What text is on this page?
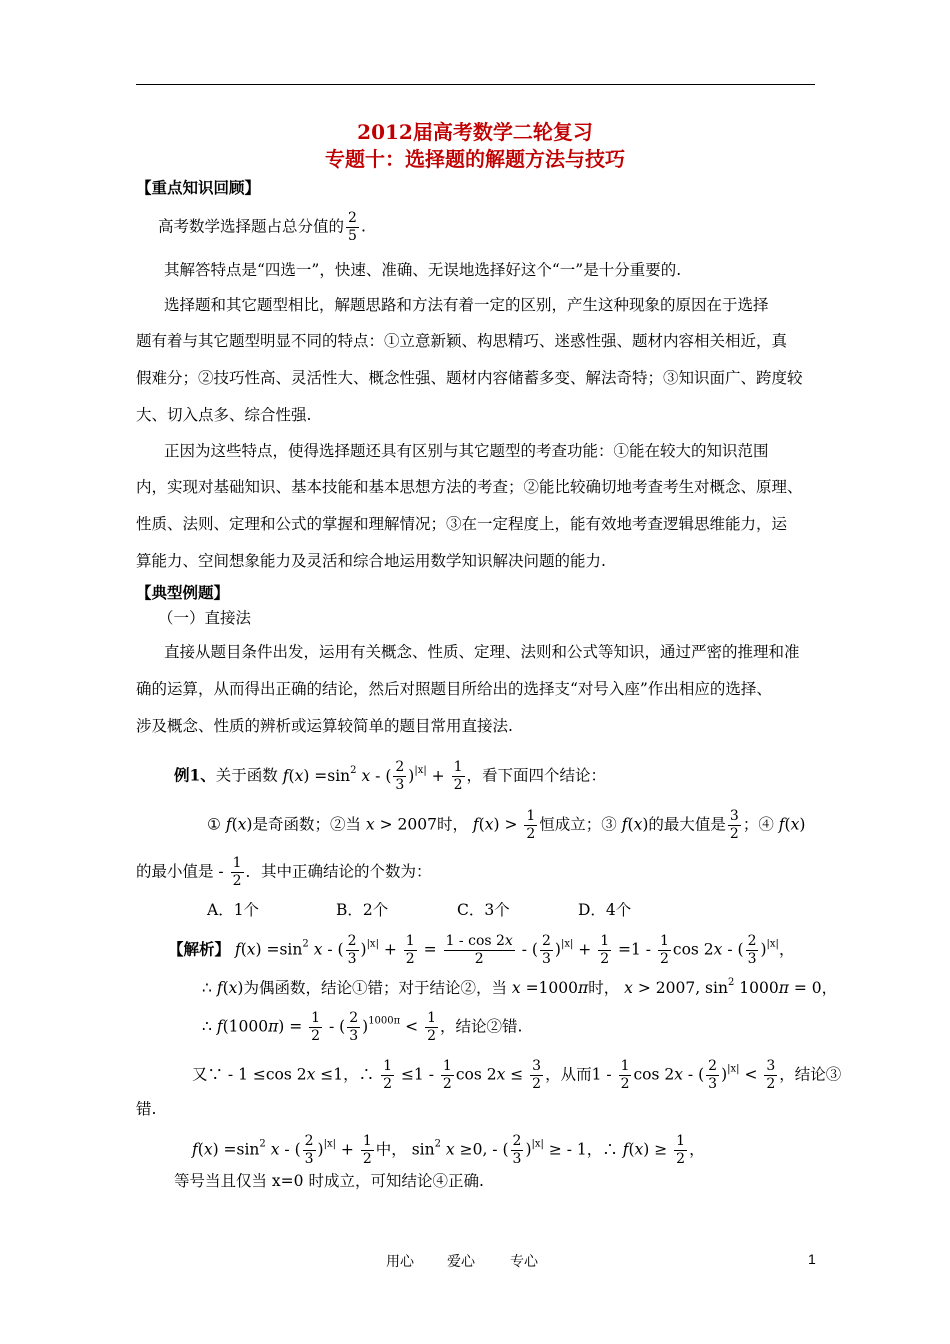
2012届高考数学二轮复习
专题十：选择题的解题方法与技巧
【重点知识回顾】
高考数学选择题占总分值的 $\frac{2}{5}$ .
其解答特点是“四选一”，快速、准确、无误地选择好这个“一”是十分重要的.
选择题和其它题型相比，解题思路和方法有着一定的区别，产生这种现象的原因在于选择
题有着与其它题型明显不同的特点：①立意新颖、构思精巧、迷惑性强、题材内容相关相近，真
假难分；②技巧性高、灵活性大、概念性强、题材内容储蓄多变、解法奇特；③知识面广、跨度较
大、切入点多、综合性强.
正因为这些特点，使得选择题还具有区别与其它题型的考查功能：①能在较大的知识范围
内，实现对基础知识、基本技能和基本思想方法的考查；②能比较确切地考查考生对概念、原理、
性质、法则、定理和公式的掌握和理解情况；③在一定程度上，能有效地考查逻辑思维能力，运
算能力、空间想象能力及灵活和综合地运用数学知识解决问题的能力.
【典型例题】
（一）直接法
直接从题目条件出发，运用有关概念、性质、定理、法则和公式等知识，通过严密的推理和准
确的运算，从而得出正确的结论，然后对照题目所给出的选择支“对号入座”作出相应的选择、
涉及概念、性质的辨析或运算较简单的题目常用直接法.
例1、关于函数 $f(x) =\sin^2$ x - ( $\frac{2}{3} )^{|x|} + \frac{1}{2}$ ，看下面四个结论：
① f(x)是奇函数；②当 x > 2007时， $f(x) > \frac{1}{2}$ 恒成立；③ f(x)的最大值是 $\frac{3}{2}$ ；④ f(x)
的最小值是 - $\frac{1}{2}$ ．其中正确结论的个数为：
A．1个	B．2个	C．3个	D．4个
【解析】 $f(x) =\sin^2$ x - ( $\frac{2}{3} )^{|x|} + \frac{1}{2} = \frac{1 - \cos 2x}{2}$ - ( $\frac{2}{3} )^{|x|} + \frac{1}{2} =1 - \frac{1}{2}$ cos 2x - ( $\frac{2}{3} )^{|x|}$，
∴ f(x)为偶函数，结论①错；对于结论②，当 x =1000π时， x > 2007, $\sin^2 1000\pi = 0$，
∴ $f(1000\pi) = \frac{1}{2}$ - ( $\frac{2}{3} )^{1000\pi} < \frac{1}{2}$ ，结论②错.
又∵ - 1 ≤cos 2x ≤1，∴ $\frac{1}{2} \le 1 - \frac{1}{2}$ $\cos 2x \le \frac{3}{2}$ ，从而$1 - \frac{1}{2}$ cos 2x - ( $\frac{2}{3} )^{|x|} < \frac{3}{2}$ ，结论③
错.
$f(x) =\sin^2$ x - ( $\frac{2}{3} )^{|x|} + \frac{1}{2}$ 中， $\sin^2 x \ge 0$, - ( $\frac{2}{3} )^{|x|}$ ≥ - 1，∴ $f(x) \ge \frac{1}{2}$ ，
等号当且仅当 x=0 时成立，可知结论④正确.
用心 爱心	专心	1
